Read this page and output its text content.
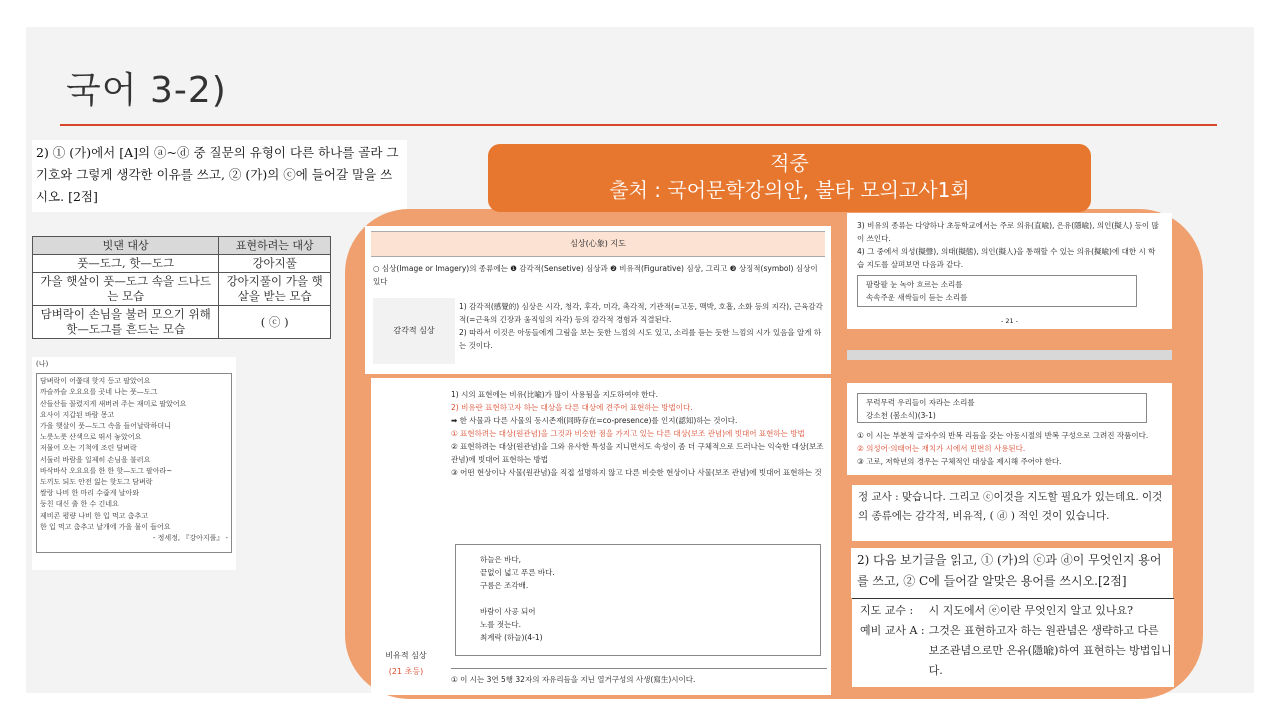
국어 3-2)
2) ① (가)에서 [A]의 ⓐ~ⓓ 중 질문의 유형이 다른 하나를 골라 그 기호와 그렇게 생각한 이유를 쓰고, ② (가)의 ⓒ에 들어갈 말을 쓰시오. [2점]
빗댄 대상	표현하려는 대상
풋—도그, 핫—도그	강아지풀
가을 햇살이 풋—도그 속을 드나드는 모습	강아지풀이 가을 햇살을 받는 모습
담벼락이 손님을 불러 모으기 위해 핫—도그를 흔드는 모습	( ⓒ )
(나)
담벼락이 어쭙대 핫지 등고 팔았어요
까슬까슬 오요요를 곳네 나는 풋—도그
산들산들 꼴렸지게 새버려 주는 재미로 팔았어요
요사이 지갑된 바람 몽고
가을 햇살이 풋—도그 속을 들어날락하더니
노릇노릇 산색으로 뛰서 놓았어요
저물어 오는 기척에 조린 담벼락
서둘러 바람을 일제히 손님을 불러요
바삭바삭 오요요를 한 한 핫—도그 팔아라~
도끼도 되도 안전 잃는 핫도그 담벼락
쌀랑 나비 한 마리 수줍게 날아와
둥친 대신 출 한 수 긴네요
제비콘 평량 나비 한 입 먹고 춤추고
한 입 먹고 춤추고 날개에 가을 물이 들어요
- 정세정, 『강아지풀』 -
적중
출처 : 국어문학강의안, 불타 모의고사1회
심상(心象) 지도
○ 심상(Image or Imagery)의 종류에는 ❶ 감각적(Sensetive) 심상과 ❷ 비유적(Figurative) 심상, 그리고 ❸ 상징적(symbol) 심상이 있다
감각적 심상
1) 감각적(感覺的) 심상은 시각, 청각, 후각, 미각, 촉각적, 기관적(=고동, 맥박, 호흡, 소화 등의 지각), 근육감각적(=근육의 긴장과 움직임의 자각) 등의 감각적 경험과 직결된다.
2) 따라서 이것은 아동들에게 그림을 보는 듯한 느낌의 시도 있고, 소리를 듣는 듯한 느낌의 시가 있음을 알게 하는 것이다.
비유적 심상
(21 초등)
1) 시의 표현에는 비유(比喩)가 많이 사용됨을 지도하여야 한다.
2) 비유란 표현하고자 하는 대상을 다른 대상에 견주어 표현하는 방법이다.
➡ 한 사물과 다른 사물의 동시존재(同時存在=co-presence)를 인지(認知)하는 것이다.
① 표현하려는 대상(원관념)을 그것과 비슷한 점을 가지고 있는 다른 대상(보조 관념)에 빗대어 표현하는 방법
② 표현하려는 대상(원관념)을 그와 유사한 특성을 지니면서도 속성이 좀 더 구체적으로 드러나는 익숙한 대상(보조 관념)에 빗대어 표현하는 방법
③ 어떤 현상이나 사물(원관념)을 직접 설명하지 않고 다른 비슷한 현상이나 사물(보조 관념)에 빗대어 표현하는 것
하늘은 바다,
끝없이 넓고 푸른 바다.
구름은 조각배.

바람이 사공 되어
노를 젓는다.
최계락 (하늘)(4-1)
① 이 시는 3연 5행 32자의 자유리듬을 지닌 열거구성의 사생(寫生)시이다.
3) 비유의 종류는 다양하나 초등학교에서는 주로 의유(直喩), 은유(隱喩), 의인(擬人) 등이 많이 쓰인다.
4) 그 중에서 의성(擬聲), 의태(擬態), 의인(擬人)을 통해할 수 있는 의유(擬喩)에 대한 시 학습 지도를 살펴보면 다음과 같다.
팔랑팔 눈 녹아 흐르는 소리를
속속주운 새싹들이 듣는 소리를
- 21 -
무럭무럭 우리들이 자라는 소리를
강소천 (봄소식)(3-1)
① 이 시는 부분적 글자수의 반복 리듬을 갖는 아동시절의 반복 구성으로 그려진 작품이다.
② 의성어·의태어는 재치가 시에서 빈번히 사용된다.
③ 고로, 저학년의 경우는 구체적인 대상을 제시해 주어야 한다.
정 교사 : 맞습니다. 그리고 ⓒ이것을 지도할 필요가 있는데요. 이것의 종류에는 감각적, 비유적, ( ⓓ ) 적인 것이 있습니다.
2) 다음 보기글을 읽고, ① (가)의 ⓒ과 ⓓ이 무엇인지 용어를 쓰고, ② C에 들어갈 알맞은 용어를 쓰시오.[2점]
지도 교수 :	시 지도에서 ⓔ이란 무엇인지 알고 있나요?
예비 교사 A :	그것은 표현하고자 하는 원관념은 생략하고 다른 보조관념으로만 은유(隱喩)하여 표현하는 방법입니다.
